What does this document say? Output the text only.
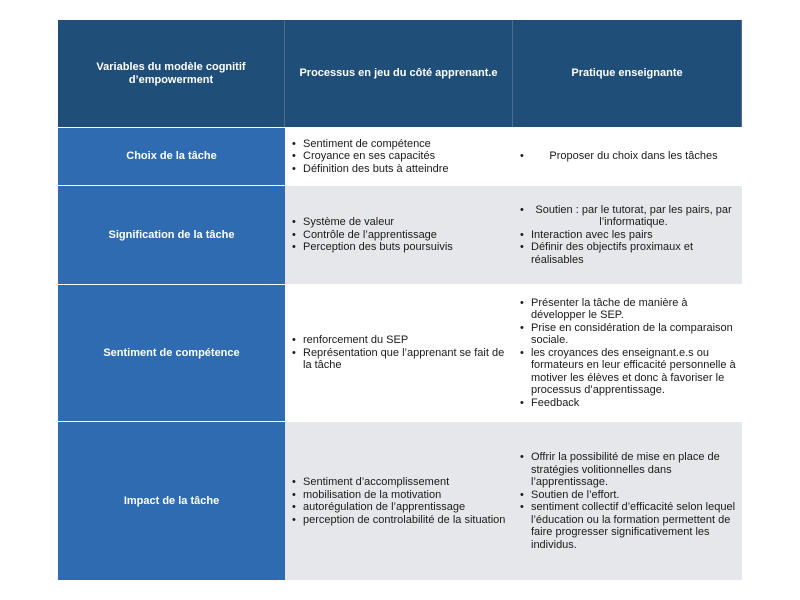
Variables du modèle cognitif d’empowerment
Processus en jeu du côté apprenant.e	Pratique enseignante
Choix de la tâche
• Sentiment de compétence
• Croyance en ses capacités
• Définition des buts à atteindre
• Proposer du choix dans les tâches
Signification de la tâche
• Système de valeur
• Contrôle de l’apprentissage
• Perception des buts poursuivis
• Soutien : par le tutorat, par les pairs, par l’informatique.
• Interaction avec les pairs
• Définir des objectifs proximaux et réalisables
Sentiment de compétence
• renforcement du SEP
• Représentation que l’apprenant se fait de la tâche
• Présenter la tâche de manière à développer le SEP.
• Prise en considération de la comparaison sociale.
• les croyances des enseignant.e.s ou formateurs en leur efficacité personnelle à motiver les élèves et donc à favoriser le processus d’apprentissage.
• Feedback
Impact de la tâche
• Sentiment d’accomplissement
• mobilisation de la motivation
• autorégulation de l’apprentissage
• perception de controlabilité de la situation
• Offrir la possibilité de mise en place de stratégies volitionnelles dans l’apprentissage.
• Soutien de l’effort.
• sentiment collectif d’efficacité selon lequel l’éducation ou la formation permettent de faire progresser significativement les individus.
